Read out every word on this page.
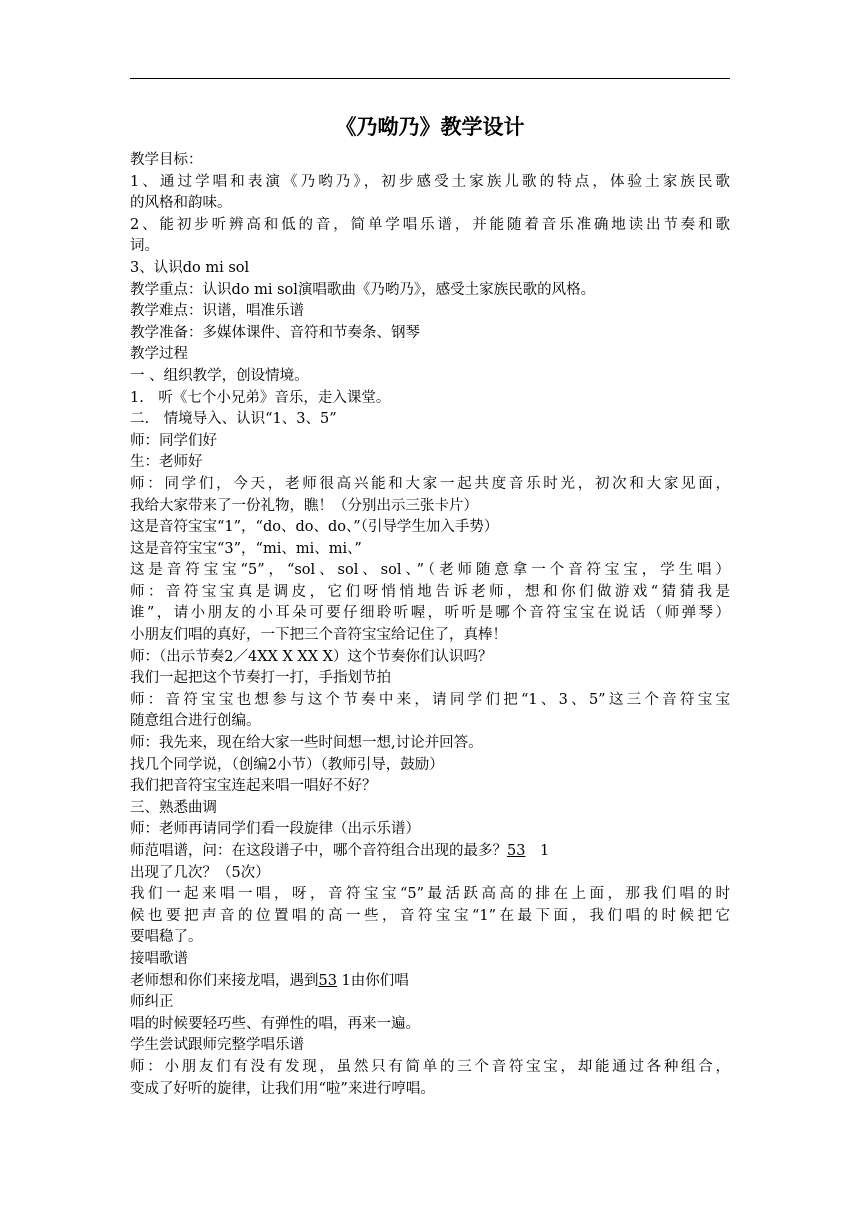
《乃呦乃》教学设计
教学目标：
1、通过学唱和表演《乃哟乃》，初步感受土家族儿歌的特点，体验土家族民歌
的风格和韵味。
2、能初步听辨高和低的音，简单学唱乐谱，并能随着音乐准确地读出节奏和歌
词。
3、认识do mi sol
教学重点：认识do mi sol演唱歌曲《乃哟乃》，感受土家族民歌的风格。
教学难点：识谱，唱准乐谱
教学准备：多媒体课件、音符和节奏条、钢琴
教学过程
一 、组织教学，创设情境。
1.　听《七个小兄弟》音乐，走入课堂。
二.　情境导入、认识“1、3、5”
师：同学们好
生：老师好
师：同学们，今天，老师很高兴能和大家一起共度音乐时光，初次和大家见面，
我给大家带来了一份礼物，瞧！（分别出示三张卡片）
这是音符宝宝“1”，“do、do、do、”（引导学生加入手势）
这是音符宝宝“3”，“mi、mi、mi、”
这是音符宝宝“5”，“sol、sol、sol、”（老师随意拿一个音符宝宝，学生唱）
师：音符宝宝真是调皮，它们呀悄悄地告诉老师，想和你们做游戏“猜猜我是
谁”，请小朋友的小耳朵可要仔细聆听喔，听听是哪个音符宝宝在说话（师弹琴）
小朋友们唱的真好，一下把三个音符宝宝给记住了，真棒！
师：（出示节奏2／4XX X XX X）这个节奏你们认识吗？
我们一起把这个节奏打一打，手指划节拍
师：音符宝宝也想参与这个节奏中来，请同学们把“1、3、5”这三个音符宝宝
随意组合进行创编。
师：我先来，现在给大家一些时间想一想,讨论并回答。
找几个同学说，（创编2小节）（教师引导，鼓励）
我们把音符宝宝连起来唱一唱好不好？
三、熟悉曲调
师：老师再请同学们看一段旋律（出示乐谱）
师范唱谱，问：在这段谱子中，哪个音符组合出现的最多？53　1
出现了几次？（5次）
我们一起来唱一唱，呀，音符宝宝“5”最活跃高高的排在上面，那我们唱的时
候也要把声音的位置唱的高一些，音符宝宝“1”在最下面，我们唱的时候把它
要唱稳了。
接唱歌谱
老师想和你们来接龙唱，遇到53 1由你们唱
师纠正
唱的时候要轻巧些、有弹性的唱，再来一遍。
学生尝试跟师完整学唱乐谱
师：小朋友们有没有发现，虽然只有简单的三个音符宝宝，却能通过各种组合，
变成了好听的旋律，让我们用“啦”来进行哼唱。
